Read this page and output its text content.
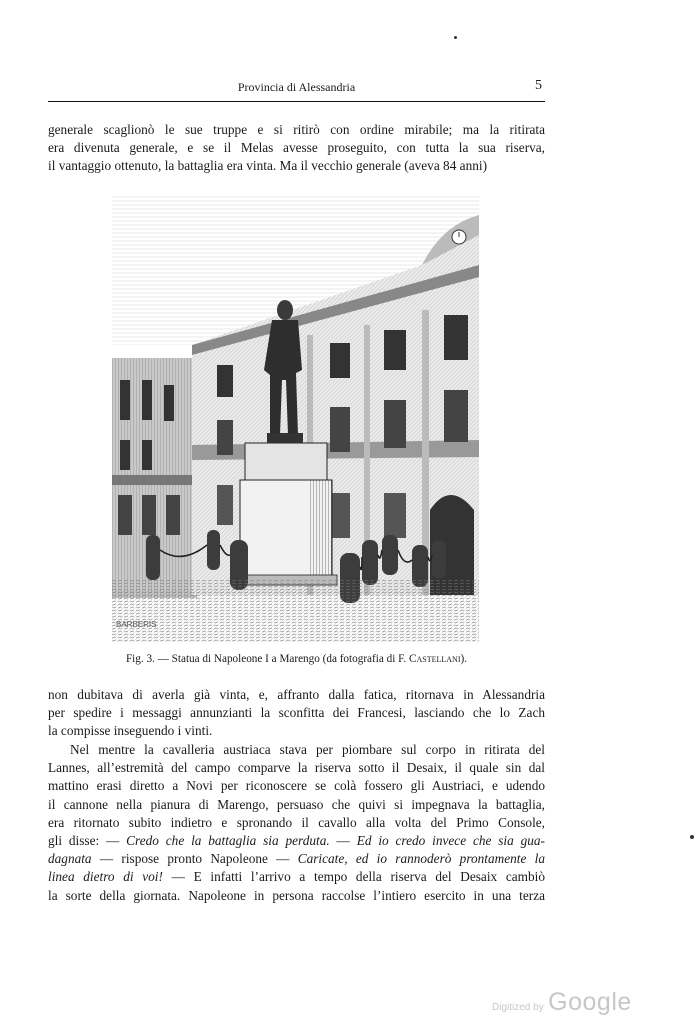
Provincia di Alessandria	5
generale scaglionò le sue truppe e si ritirò con ordine mirabile; ma la ritirata
era divenuta generale, e se il Melas avesse proseguito, con tutta la sua riserva,
il vantaggio ottenuto, la battaglia era vinta. Ma il vecchio generale (aveva 84 anni)
BARBERIS
Fig. 3. — Statua di Napoleone I a Marengo (da fotografia di F. Castellani).
non dubitava di averla già vinta, e, affranto dalla fatica, ritornava in Alessandria
per spedire i messaggi annunzianti la sconfitta dei Francesi, lasciando che lo Zach
la compisse inseguendo i vinti.
Nel mentre la cavalleria austriaca stava per piombare sul corpo in ritirata del
Lannes, all’estremità del campo comparve la riserva sotto il Desaix, il quale sin dal
mattino erasi diretto a Novi per riconoscere se colà fossero gli Austriaci, e udendo
il cannone nella pianura di Marengo, persuaso che quivi si impegnava la battaglia,
era ritornato subito indietro e spronando il cavallo alla volta del Primo Console,
gli disse: — Credo che la battaglia sia perduta. — Ed io credo invece che sia gua-
dagnata — rispose pronto Napoleone — Caricate, ed io rannoderò prontamente la
linea dietro di voi! — E infatti l’arrivo a tempo della riserva del Desaix cambiò
la sorte della giornata. Napoleone in persona raccolse l’intiero esercito in una terza
Digitized by Google
